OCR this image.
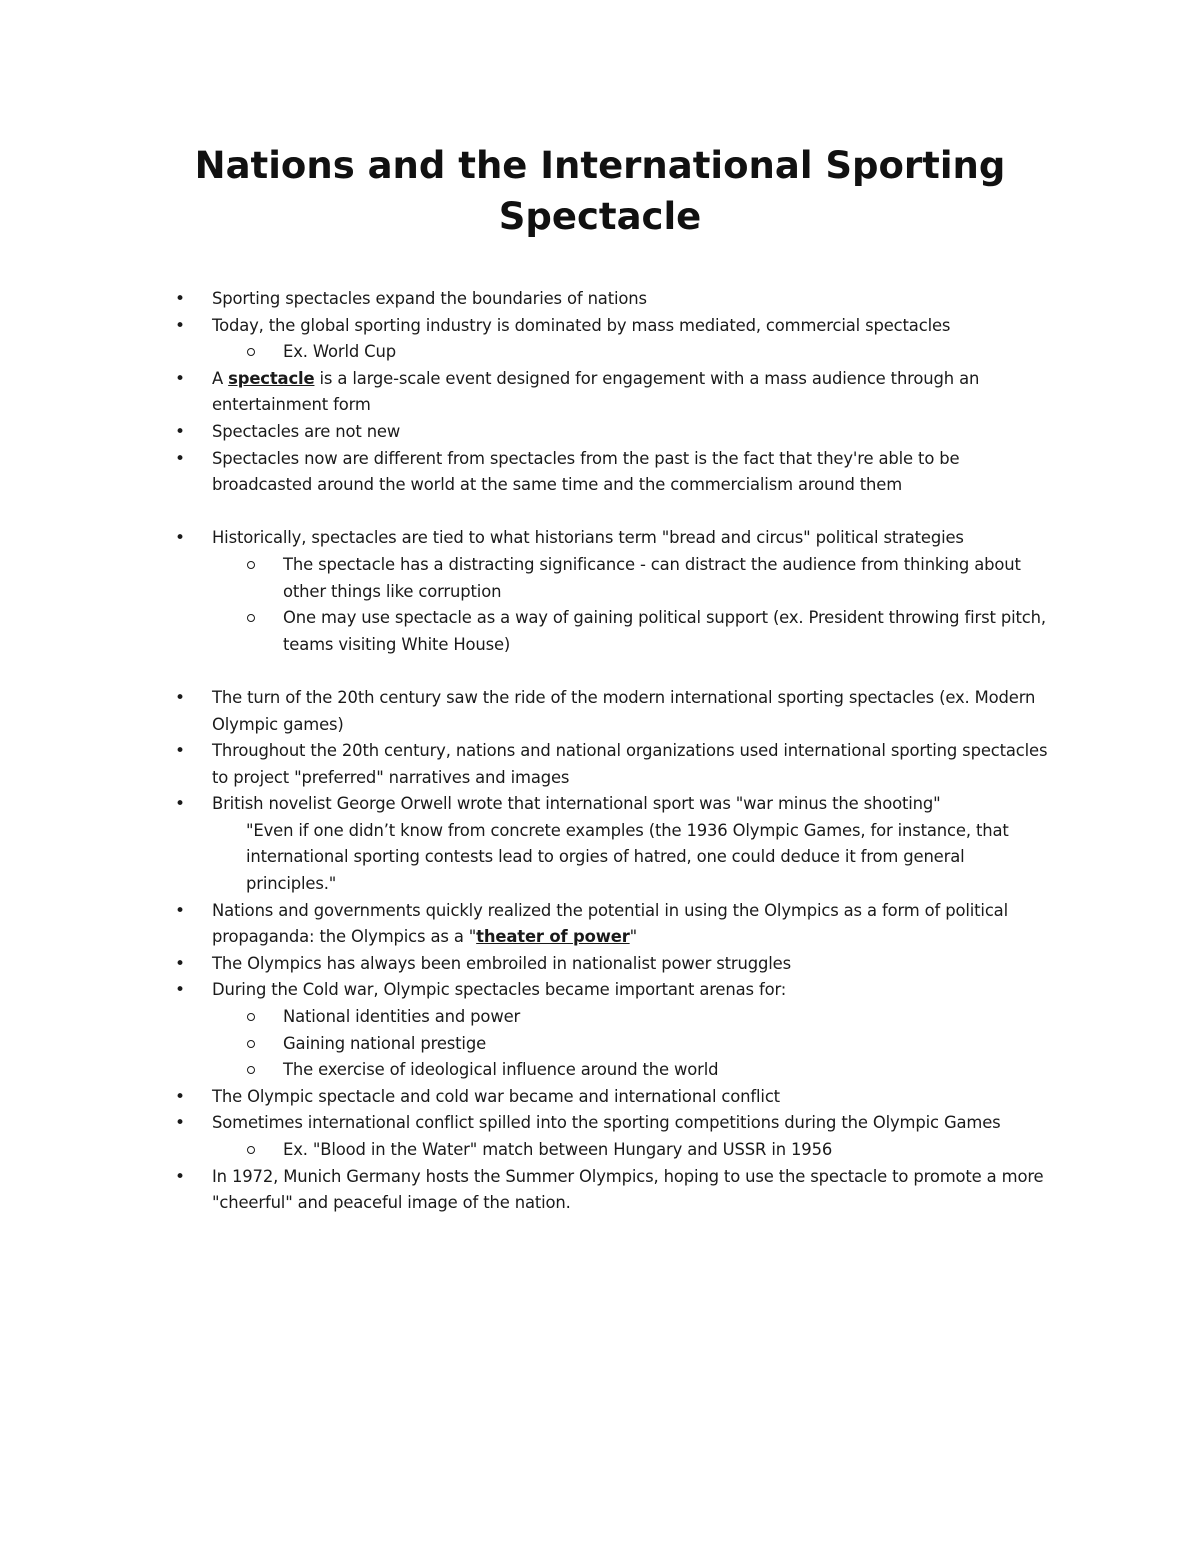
Nations and the International Sporting Spectacle

• Sporting spectacles expand the boundaries of nations

• Today, the global sporting industry is dominated by mass mediated, commercial spectacles

Ex. World Cup

• A spectacle is a large-scale event designed for engagement with a mass audience through an entertainment form

• Spectacles are not new

• Spectacles now are different from spectacles from the past is the fact that they're able to be broadcasted around the world at the same time and the commercialism around them

• Historically, spectacles are tied to what historians term "bread and circus" political strategies

The spectacle has a distracting significance - can distract the audience from thinking about other things like corruption

One may use spectacle as a way of gaining political support (ex. President throwing first pitch, teams visiting White House)

• The turn of the 20th century saw the ride of the modern international sporting spectacles (ex. Modern Olympic games)

• Throughout the 20th century, nations and national organizations used international sporting spectacles to project "preferred" narratives and images

• British novelist George Orwell wrote that international sport was "war minus the shooting"

"Even if one didn’t know from concrete examples (the 1936 Olympic Games, for instance, that international sporting contests lead to orgies of hatred, one could deduce it from general principles."

• Nations and governments quickly realized the potential in using the Olympics as a form of political propaganda: the Olympics as a "theater of power"

• The Olympics has always been embroiled in nationalist power struggles

• During the Cold war, Olympic spectacles became important arenas for:

National identities and power

Gaining national prestige

The exercise of ideological influence around the world

• The Olympic spectacle and cold war became and international conflict

• Sometimes international conflict spilled into the sporting competitions during the Olympic Games

Ex. "Blood in the Water" match between Hungary and USSR in 1956

• In 1972, Munich Germany hosts the Summer Olympics, hoping to use the spectacle to promote a more "cheerful" and peaceful image of the nation.
